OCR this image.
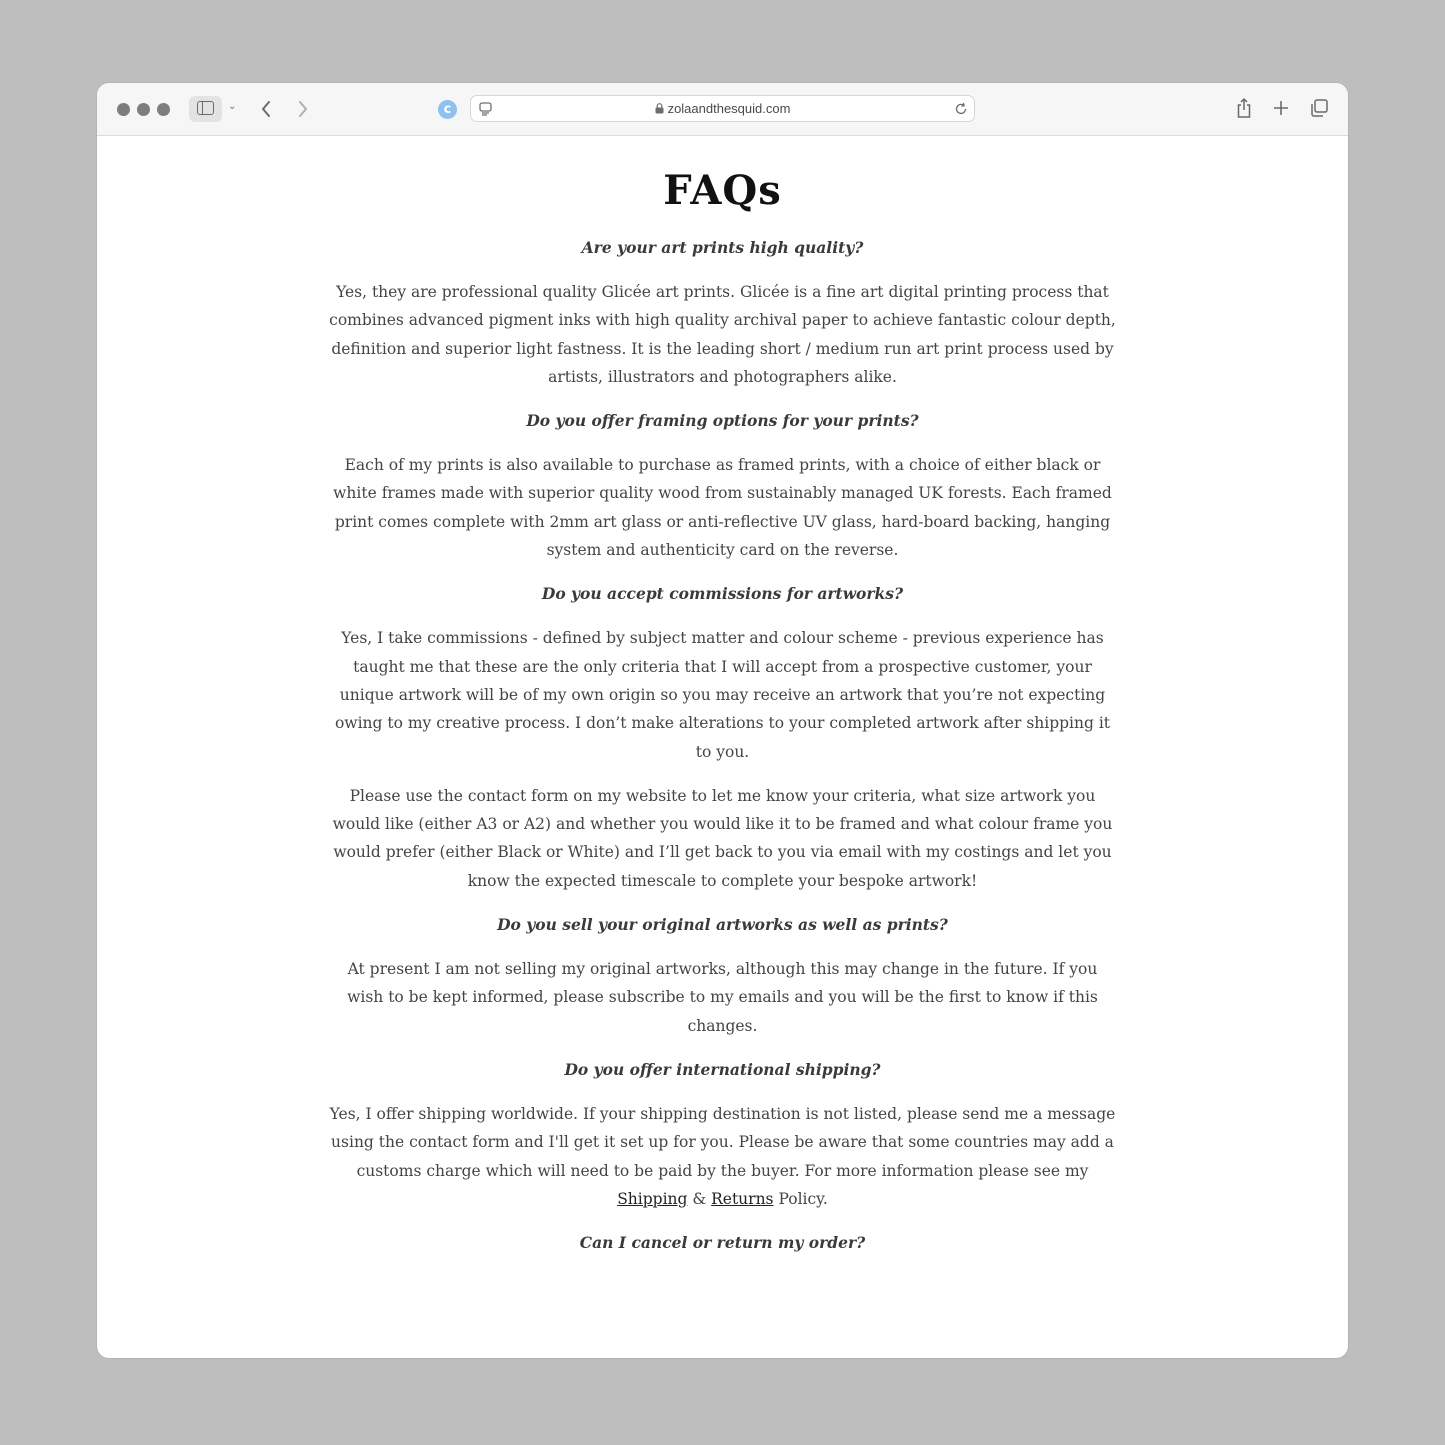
⌄	c	zolaandthesquid.com
FAQs

Are your art prints high quality?

Yes, they are professional quality Glicée art prints. Glicée is a fine art digital printing process that combines advanced pigment inks with high quality archival paper to achieve fantastic colour depth, definition and superior light fastness. It is the leading short / medium run art print process used by artists, illustrators and photographers alike.

Do you offer framing options for your prints?

Each of my prints is also available to purchase as framed prints, with a choice of either black or white frames made with superior quality wood from sustainably managed UK forests. Each framed print comes complete with 2mm art glass or anti-reflective UV glass, hard-board backing, hanging system and authenticity card on the reverse.

Do you accept commissions for artworks?

Yes, I take commissions - defined by subject matter and colour scheme - previous experience has taught me that these are the only criteria that I will accept from a prospective customer, your unique artwork will be of my own origin so you may receive an artwork that you’re not expecting owing to my creative process. I don’t make alterations to your completed artwork after shipping it to you.

Please use the contact form on my website to let me know your criteria, what size artwork you would like (either A3 or A2) and whether you would like it to be framed and what colour frame you would prefer (either Black or White) and I’ll get back to you via email with my costings and let you know the expected timescale to complete your bespoke artwork!

Do you sell your original artworks as well as prints?

At present I am not selling my original artworks, although this may change in the future. If you wish to be kept informed, please subscribe to my emails and you will be the first to know if this changes.

Do you offer international shipping?

Yes, I offer shipping worldwide. If your shipping destination is not listed, please send me a message using the contact form and I'll get it set up for you. Please be aware that some countries may add a customs charge which will need to be paid by the buyer. For more information please see my Shipping & Returns Policy.

Can I cancel or return my order?
